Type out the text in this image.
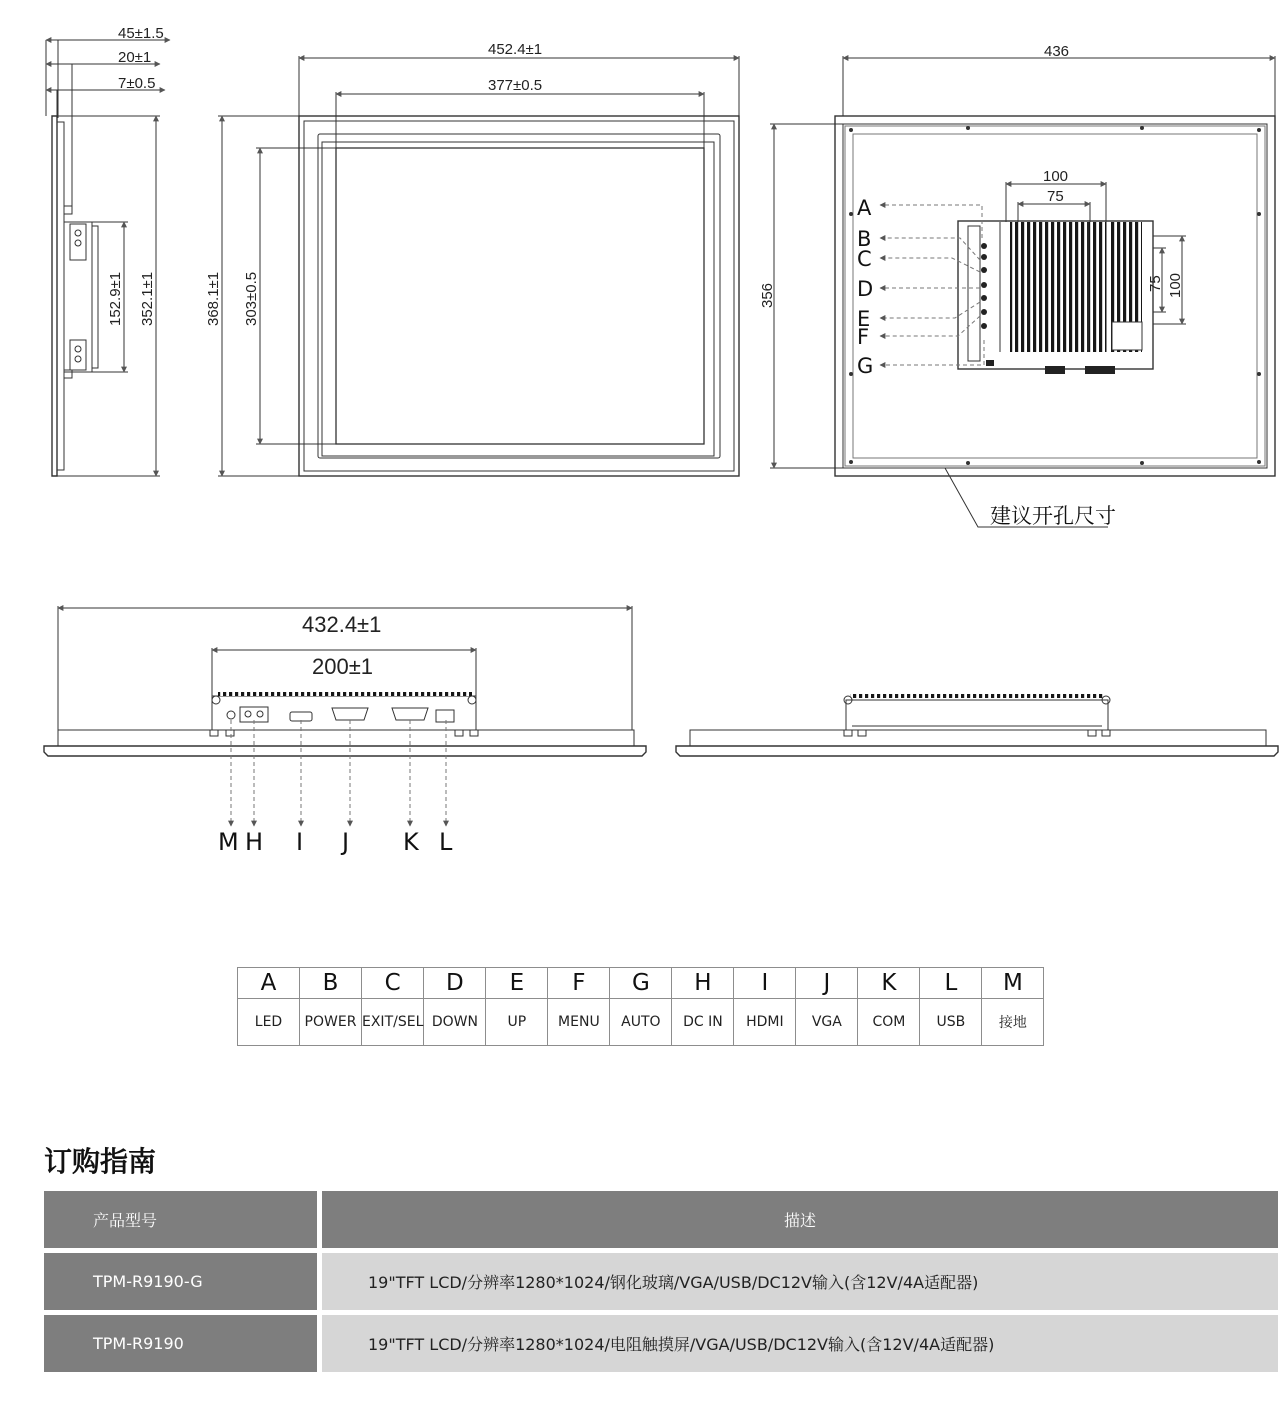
45±1.5
20±1
7±0.5
152.9±1 352.1±1
452.4±1
377±0.5
368.1±1 303±0.5
436
356
100
75
75 100
432.4±1
200±1
建议开孔尺寸
A
B
C
D
E
F
G
M H I J K L
A	B	C	D	E	F	G	H	I	J	K	L	M
LED	POWER	EXIT/SEL	DOWN	UP	MENU	AUTO	DC IN	HDMI	VGA	COM	USB	接地
订购指南
产品型号		描述

TPM-R9190-G		19"TFT LCD/分辨率1280*1024/钢化玻璃/VGA/USB/DC12V输入(含12V/4A适配器)

TPM-R9190		19"TFT LCD/分辨率1280*1024/电阻触摸屏/VGA/USB/DC12V输入(含12V/4A适配器)
